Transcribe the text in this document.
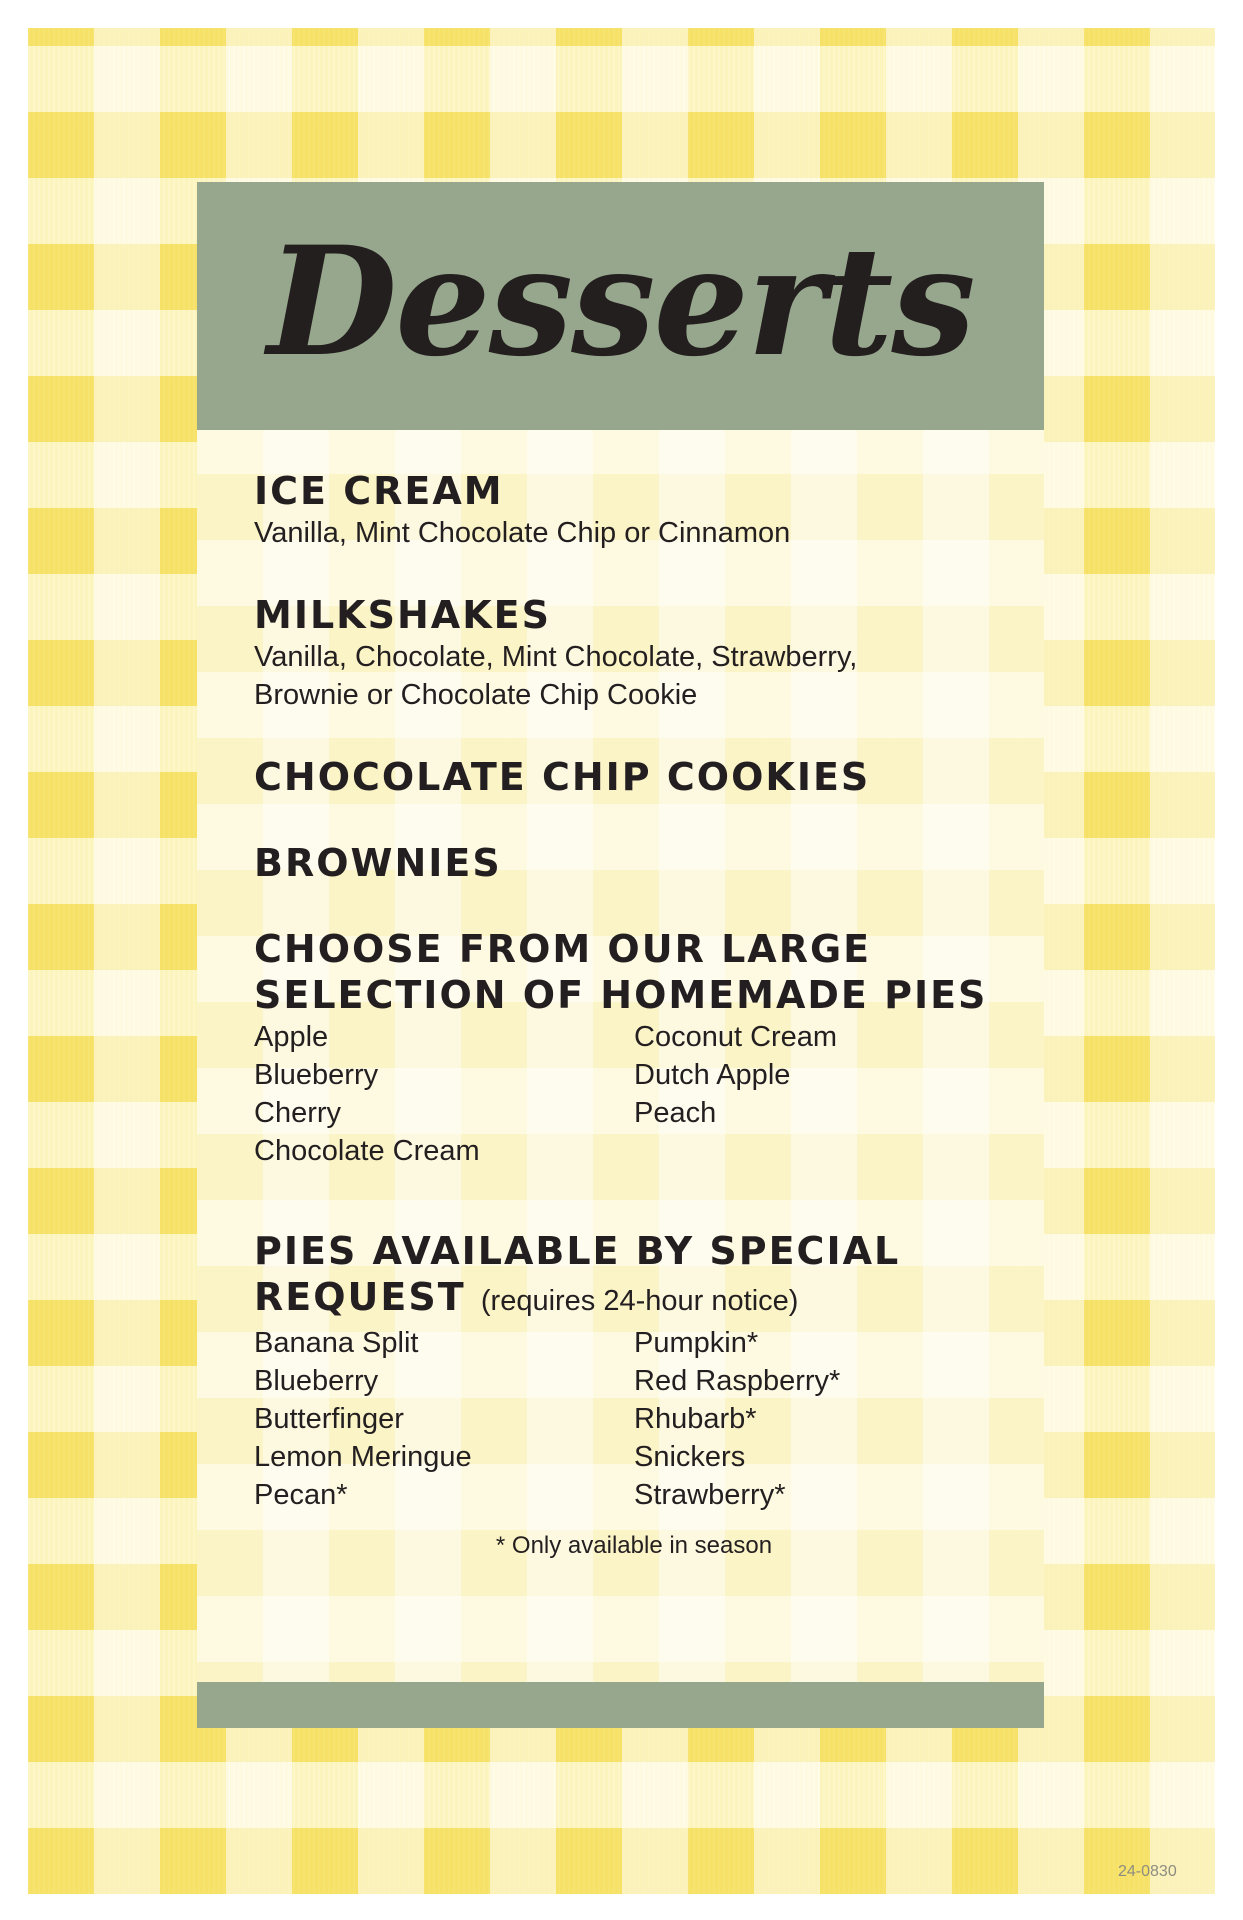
Desserts

ICE CREAM

Vanilla, Mint Chocolate Chip or Cinnamon

MILKSHAKES

Vanilla, Chocolate, Mint Chocolate, Strawberry,

Brownie or Chocolate Chip Cookie

CHOCOLATE CHIP COOKIES

BROWNIES

CHOOSE FROM OUR LARGE

SELECTION OF HOMEMADE PIES

Apple
Blueberry
Cherry
Chocolate Cream
Coconut Cream
Dutch Apple
Peach

PIES AVAILABLE BY SPECIAL

REQUEST (requires 24-hour notice)

Banana Split
Blueberry
Butterfinger
Lemon Meringue
Pecan*
Pumpkin*
Red Raspberry*
Rhubarb*
Snickers
Strawberry*
* Only available in season
24-0830
